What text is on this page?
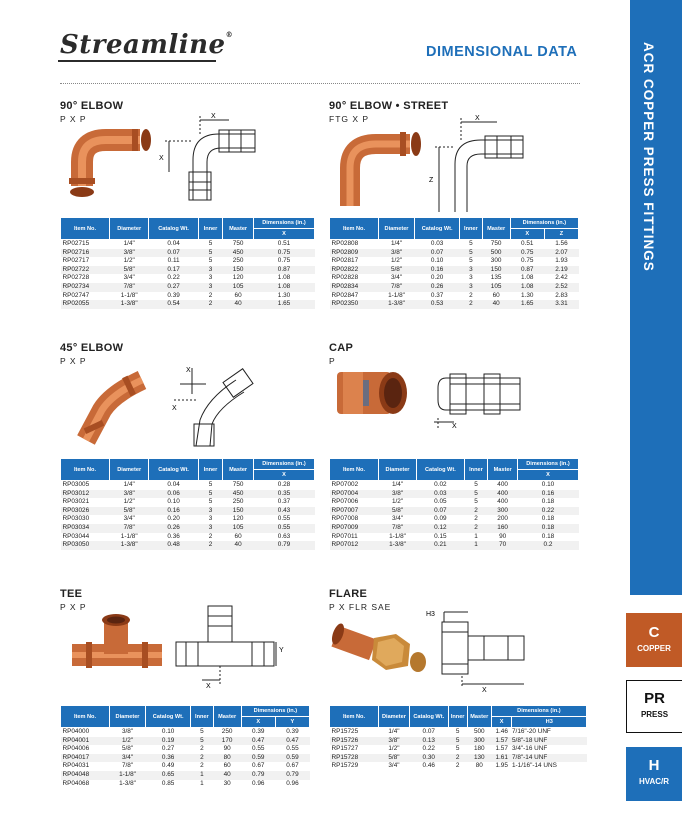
Streamline®
DIMENSIONAL DATA	ACR COPPER PRESS FITTINGS
C
COPPER
PR
PRESS
H
HVAC/R
90° ELBOW
P X P	X
X
Item No.	Diameter	Catalog Wt.	Inner	Master	Dimensions (in.)
					X
RP02715	1/4"	0.04	5	750	0.51
RP02716	3/8"	0.07	5	450	0.75
RP02717	1/2"	0.11	5	250	0.75
RP02722	5/8"	0.17	3	150	0.87
RP02728	3/4"	0.22	3	120	1.08
RP02734	7/8"	0.27	3	105	1.08
RP02747	1-1/8"	0.39	2	60	1.30
RP02055	1-3/8"	0.54	2	40	1.65
90° ELBOW • STREET
FTG X P	X
Z
Item No.	Diameter	Catalog Wt.	Inner	Master	Dimensions (in.)	
					X	Z
RP02808	1/4"	0.03	5	750	0.51	1.56
RP02809	3/8"	0.07	5	500	0.75	2.07
RP02817	1/2"	0.10	5	300	0.75	1.93
RP02822	5/8"	0.16	3	150	0.87	2.19
RP02828	3/4"	0.20	3	135	1.08	2.42
RP02834	7/8"	0.26	3	105	1.08	2.52
RP02847	1-1/8"	0.37	2	60	1.30	2.83
RP02350	1-3/8"	0.53	2	40	1.65	3.31
45° ELBOW
P X P
X
X
Item No.	Diameter	Catalog Wt.	Inner	Master	Dimensions (in.)
					X
RP03005	1/4"	0.04	5	750	0.28
RP03012	3/8"	0.06	5	450	0.35
RP03021	1/2"	0.10	5	250	0.37
RP03026	5/8"	0.16	3	150	0.43
RP03030	3/4"	0.20	3	120	0.55
RP03034	7/8"	0.26	3	105	0.55
RP03044	1-1/8"	0.36	2	60	0.63
RP03050	1-3/8"	0.48	2	40	0.79
CAP
P
X
Item No.	Diameter	Catalog Wt.	Inner	Master	Dimensions (in.)
					X
RP07002	1/4"	0.02	5	400	0.10
RP07004	3/8"	0.03	5	400	0.16
RP07006	1/2"	0.05	5	400	0.18
RP07007	5/8"	0.07	2	300	0.22
RP07008	3/4"	0.09	2	200	0.18
RP07009	7/8"	0.12	2	160	0.18
RP07011	1-1/8"	0.15	1	90	0.18
RP07012	1-3/8"	0.21	1	70	0.2
TEE
P X P
Y
X
Item No.	Diameter	Catalog Wt.	Inner	Master	Dimensions (in.)	
					X	Y
RP04000	3/8"	0.10	5	250	0.39	0.39
RP04001	1/2"	0.19	5	170	0.47	0.47
RP04006	5/8"	0.27	2	90	0.55	0.55
RP04017	3/4"	0.36	2	80	0.59	0.59
RP04031	7/8"	0.49	2	60	0.67	0.67
RP04048	1-1/8"	0.65	1	40	0.79	0.79
RP04068	1-3/8"	0.85	1	30	0.96	0.96
FLARE
P X FLR SAE
H3
X
Item No.	Diameter	Catalog Wt.	Inner	Master	Dimensions (in.)	
					X	H3
RP15725	1/4"	0.07	5	500	1.46	7/16"-20 UNF
RP15726	3/8"	0.13	5	300	1.57	5/8"-18 UNF
RP15727	1/2"	0.22	5	180	1.57	3/4"-16 UNF
RP15728	5/8"	0.30	2	130	1.61	7/8"-14 UNF
RP15729	3/4"	0.46	2	80	1.95	1-1/16"-14 UNS
